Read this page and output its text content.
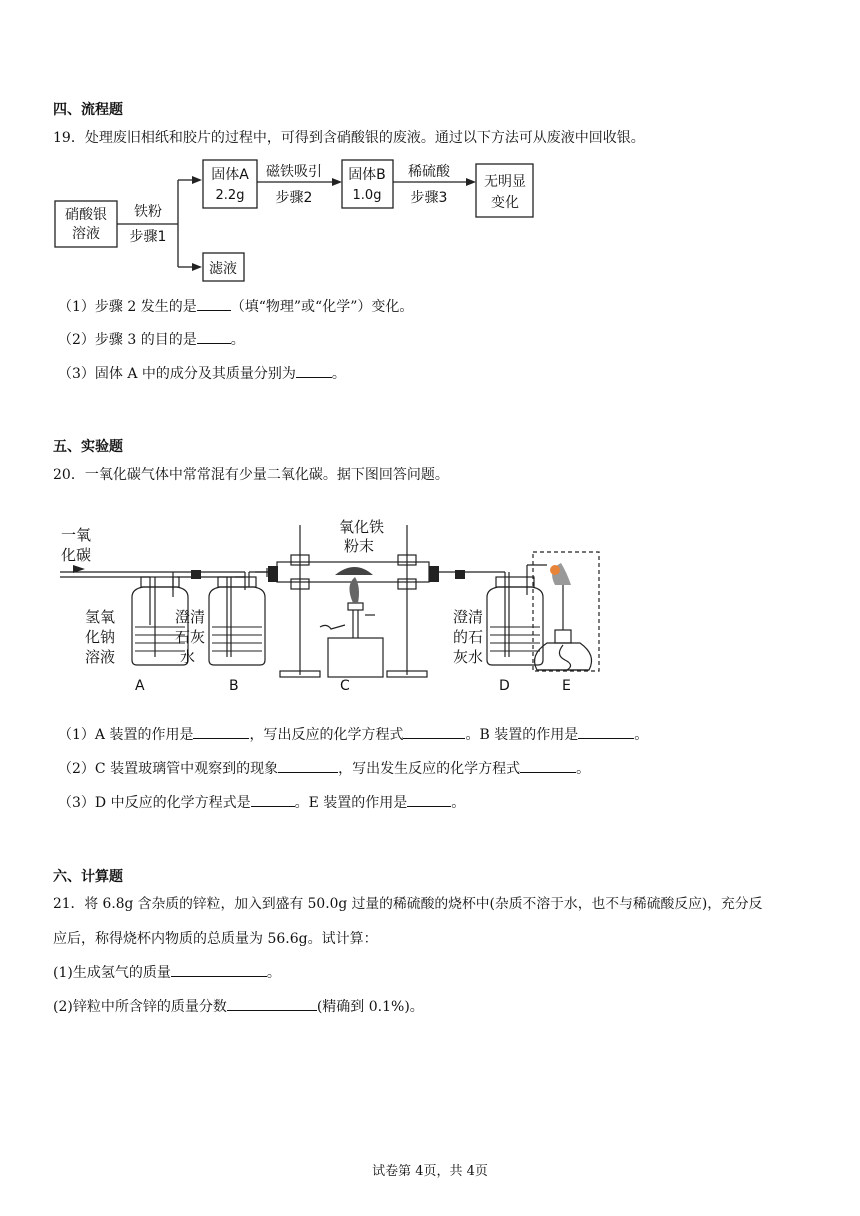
四、流程题
19．处理废旧相纸和胶片的过程中，可得到含硝酸银的废液。通过以下方法可从废液中回收银。
硝酸银
溶液
铁粉
步骤1
固体A
2.2g
滤液
磁铁吸引
步骤2
固体B
1.0g
稀硫酸
步骤3
无明显
变化
（1）步骤 2 发生的是 （填“物理”或“化学”）变化。
（2）步骤 3 的目的是 。
（3）固体 A 中的成分及其质量分别为	。
五、实验题
20．一氧化碳气体中常常混有少量二氧化碳。据下图回答问题。
一氧
化碳
氢氧
化钠
溶液
澄清
石灰
水
氧化铁
粉末
澄清
的石
灰水
A	B	C	D	E
（1）A 装置的作用是	，写出反应的化学方程式	。B 装置的作用是	。
（2）C 装置玻璃管中观察到的现象	，写出发生反应的化学方程式	。
（3）D 中反应的化学方程式是	。E 装置的作用是	。
六、计算题
21．将 6.8g 含杂质的锌粒，加入到盛有 50.0g 过量的稀硫酸的烧杯中(杂质不溶于水，也不与稀硫酸反应)，充分反
应后，称得烧杯内物质的总质量为 56.6g。试计算：
(1)生成氢气的质量	。
(2)锌粒中所含锌的质量分数	(精确到 0.1%)。
试卷第 4页，共 4页
